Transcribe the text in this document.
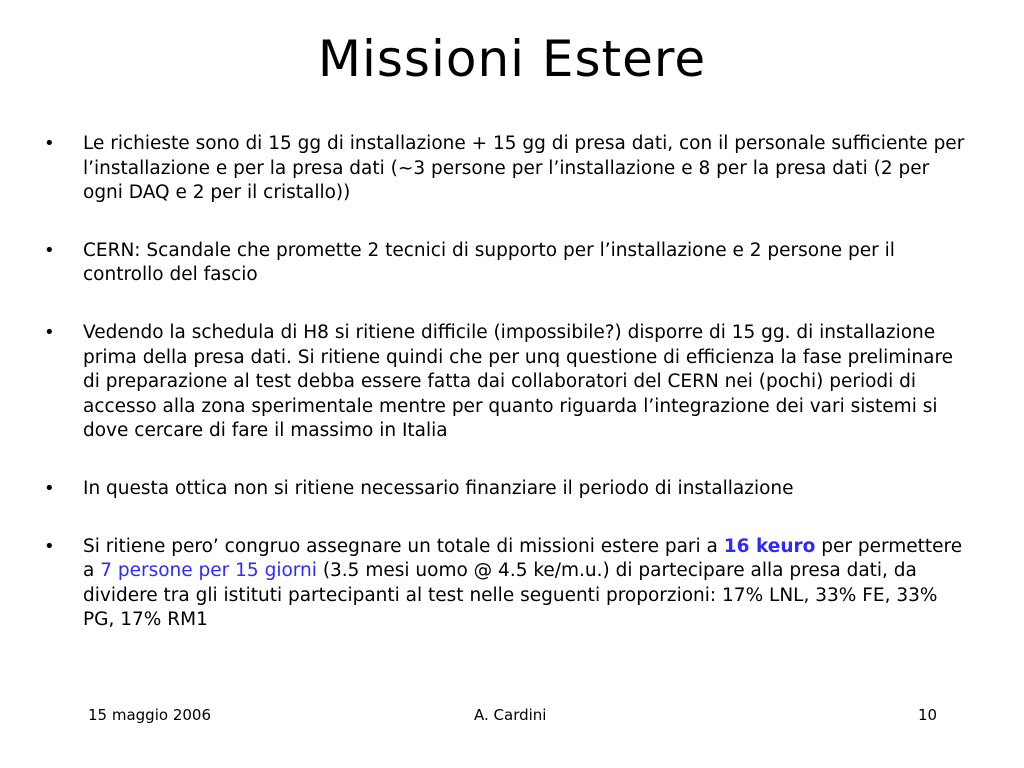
Missioni Estere
• Le richieste sono di 15 gg di installazione + 15 gg di presa dati, con il personale sufficiente per l’installazione e per la presa dati (~3 persone per l’installazione e 8 per la presa dati (2 per ogni DAQ e 2 per il cristallo))
• CERN: Scandale che promette 2 tecnici di supporto per l’installazione e 2 persone per il controllo del fascio
• Vedendo la schedula di H8 si ritiene difficile (impossibile?) disporre di 15 gg. di installazione prima della presa dati. Si ritiene quindi che per unq questione di efficienza la fase preliminare di preparazione al test debba essere fatta dai collaboratori del CERN nei (pochi) periodi di accesso alla zona sperimentale mentre per quanto riguarda l’integrazione dei vari sistemi si dove cercare di fare il massimo in Italia
• In questa ottica non si ritiene necessario finanziare il periodo di installazione
• Si ritiene pero’ congruo assegnare un totale di missioni estere pari a 16 keuro per permettere a 7 persone per 15 giorni (3.5 mesi uomo @ 4.5 ke/m.u.) di partecipare alla presa dati, da dividere tra gli istituti partecipanti al test nelle seguenti proporzioni: 17% LNL, 33% FE, 33% PG, 17% RM1
15 maggio 2006	A. Cardini	10
